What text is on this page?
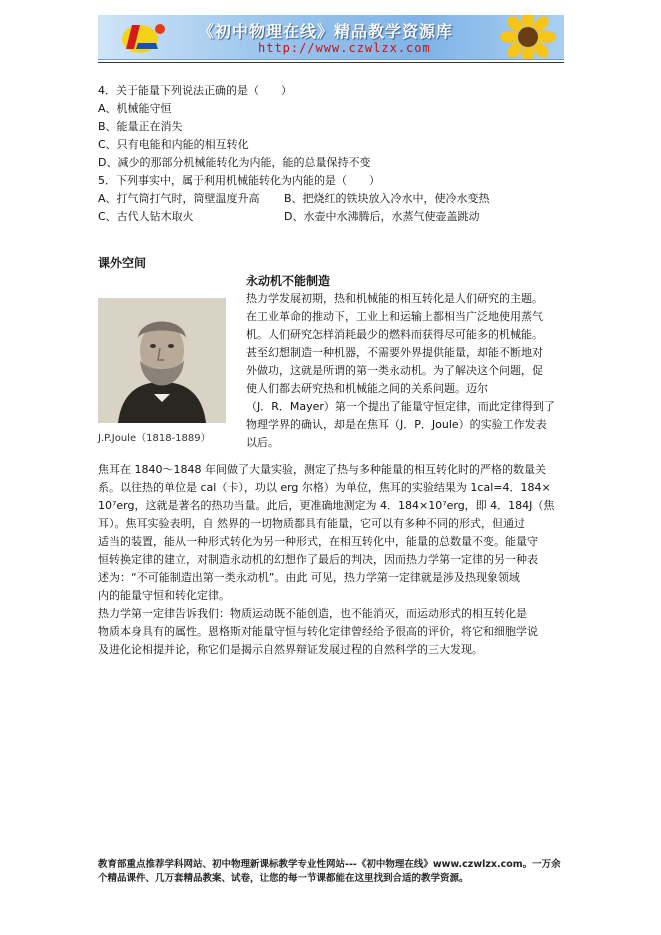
《初中物理在线》精品教学资源库
http://www.czwlzx.com

4．关于能量下列说法正确的是（　　）

A、机械能守恒

B、能量正在消失

C、只有电能和内能的相互转化

D、减少的那部分机械能转化为内能，能的总量保持不变

5．下列事实中，属于利用机械能转化为内能的是（　　）

A、打气筒打气时，筒壁温度升高	B、把烧红的铁块放入冷水中，使冷水变热
C、古代人钻木取火	D、水壶中水沸腾后，水蒸气使壶盖跳动
课外空间
J.P.Joule（1818-1889）

永动机不能制造

热力学发展初期，热和机械能的相互转化是人们研究的主题。

在工业革命的推动下，工业上和运输上都相当广泛地使用蒸气

机。人们研究怎样消耗最少的燃料而获得尽可能多的机械能。

甚至幻想制造一种机器，不需要外界提供能量，却能不断地对

外做功，这就是所谓的第一类永动机。为了解决这个问题，促

使人们都去研究热和机械能之间的关系问题。迈尔

（J．R．Mayer）第一个提出了能量守恒定律，而此定律得到了

物理学界的确认，却是在焦耳（J．P．Joule）的实验工作发表

以后。

焦耳在 1840～1848 年间做了大量实验，测定了热与多种能量的相互转化时的严格的数量关

系。以往热的单位是 cal（卡），功以 erg 尔格）为单位，焦耳的实验结果为 1cal=4．184×

10⁷erg，这就是著名的热功当量。此后，更准确地测定为 4．184×10⁷erg，即 4．184J（焦

耳）。焦耳实验表明，自 然界的一切物质都具有能量，它可以有多种不同的形式，但通过

适当的装置，能从一种形式转化为另一种形式，在相互转化中，能量的总数量不变。能量守

恒转换定律的建立，对制造永动机的幻想作了最后的判决，因而热力学第一定律的另一种表

述为：“不可能制造出第一类永动机”。由此 可见，热力学第一定律就是涉及热现象领域

内的能量守恒和转化定律。

热力学第一定律告诉我们：物质运动既不能创造，也不能消灭，而运动形式的相互转化是

物质本身具有的属性。恩格斯对能量守恒与转化定律曾经给予很高的评价，将它和细胞学说

及进化论相提并论，称它们是揭示自然界辩证发展过程的自然科学的三大发现。

教育部重点推荐学科网站、初中物理新课标教学专业性网站---《初中物理在线》www.czwlzx.com。一万余

个精品课件、几万套精品教案、试卷，让您的每一节课都能在这里找到合适的教学资源。
